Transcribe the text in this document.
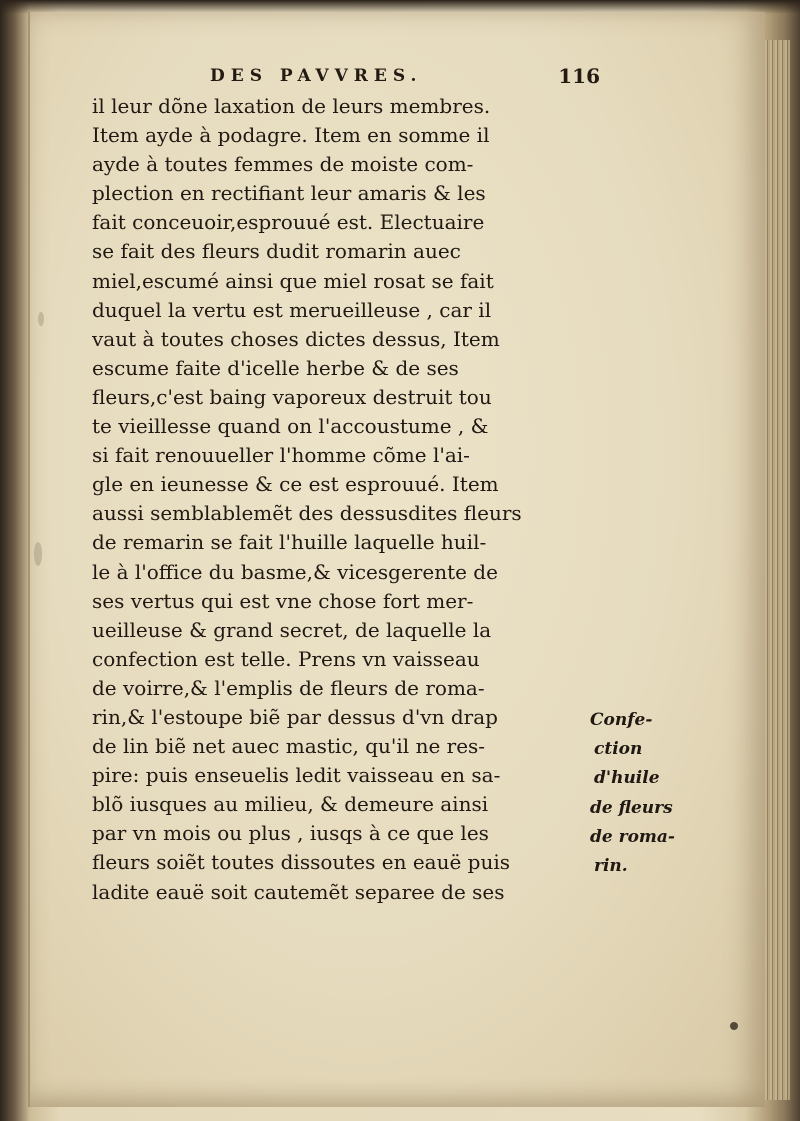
DES PAVVRES.	116
il leur dõne laxation de leurs membres.
Item ayde à podagre. Item en somme il
ayde à toutes femmes de moiste com-
plection en rectifiant leur amaris & les
fait conceuoir,esprouué est. Electuaire
se fait des fleurs dudit romarin auec
miel,escumé ainsi que miel rosat se fait
duquel la vertu est merueilleuse , car il
vaut à toutes choses dictes dessus, Item
escume faite d'icelle herbe & de ses
fleurs,c'est baing vaporeux destruit tou
te vieillesse quand on l'accoustume , &
si fait renouueller l'homme cõme l'ai-
gle en ieunesse & ce est esprouué. Item
aussi semblablemẽt des dessusdites fleurs
de remarin se fait l'huille laquelle huil-
le à l'office du basme,& vicesgerente de
ses vertus qui est vne chose fort mer-
ueilleuse & grand secret, de laquelle la
confection est telle. Prens vn vaisseau
de voirre,& l'emplis de fleurs de roma-
rin,& l'estoupe biẽ par dessus d'vn drap
de lin biẽ net auec mastic, qu'il ne res-
pire: puis enseuelis ledit vaisseau en sa-
blõ iusques au milieu, & demeure ainsi
par vn mois ou plus , iusqs à ce que les
fleurs soiẽt toutes dissoutes en eauë puis
ladite eauë soit cautemẽt separee de ses
Confe-
ction
d'huile
de fleurs
de roma-
rin.
